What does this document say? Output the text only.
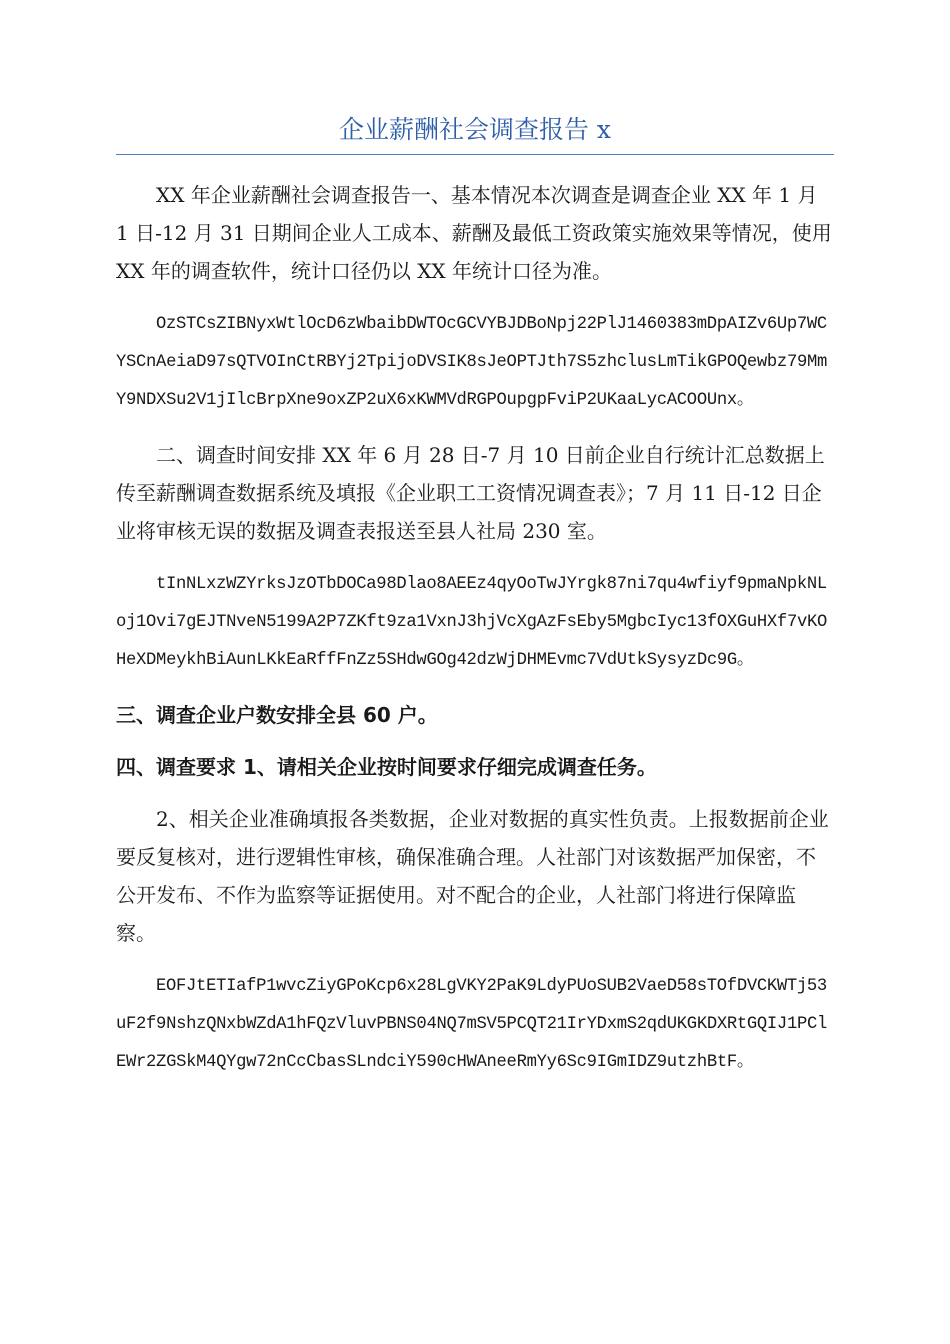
企业薪酬社会调查报告 x

XX 年企业薪酬社会调查报告一、基本情况本次调查是调查企业 XX 年 1 月 1 日-12 月 31 日期间企业人工成本、薪酬及最低工资政策实施效果等情况，使用 XX 年的调查软件，统计口径仍以 XX 年统计口径为准。

OzSTCsZIBNyxWtlOcD6zWbaibDWTOcGCVYBJDBoNpj22PlJ1460383mDpAIZv6Up7WCYSCnAeiaD97sQTVOInCtRBYj2TpijoDVSIK8sJeOPTJth7S5zhclusLmTikGPOQewbz79MmY9NDXSu2V1jIlcBrpXne9oxZP2uX6xKWMVdRGPOupgpFviP2UKaaLycACOOUnx。

二、调查时间安排 XX 年 6 月 28 日-7 月 10 日前企业自行统计汇总数据上传至薪酬调查数据系统及填报《企业职工工资情况调查表》；7 月 11 日-12 日企业将审核无误的数据及调查表报送至县人社局 230 室。

tInNLxzWZYrksJzOTbDOCa98Dlao8AEEz4qyOoTwJYrgk87ni7qu4wfiyf9pmaNpkNLoj1Ovi7gEJTNveN5199A2P7ZKft9za1VxnJ3hjVcXgAzFsEby5MgbcIyc13fOXGuHXf7vKOHeXDMeykhBiAunLKkEaRffFnZz5SHdwGOg42dzWjDHMEvmc7VdUtkSysyzDc9G。

三、调查企业户数安排全县 60 户。

四、调查要求 1、请相关企业按时间要求仔细完成调查任务。

2、相关企业准确填报各类数据，企业对数据的真实性负责。上报数据前企业要反复核对，进行逻辑性审核，确保准确合理。人社部门对该数据严加保密，不公开发布、不作为监察等证据使用。对不配合的企业，人社部门将进行保障监察。

EOFJtETIafP1wvcZiyGPoKcp6x28LgVKY2PaK9LdyPUoSUB2VaeD58sTOfDVCKWTj53uF2f9NshzQNxbWZdA1hFQzVluvPBNS04NQ7mSV5PCQT21IrYDxmS2qdUKGKDXRtGQIJ1PClEWr2ZGSkM4QYgw72nCcCbasSLndciY590cHWAneeRmYy6Sc9IGmIDZ9utzhBtF。
